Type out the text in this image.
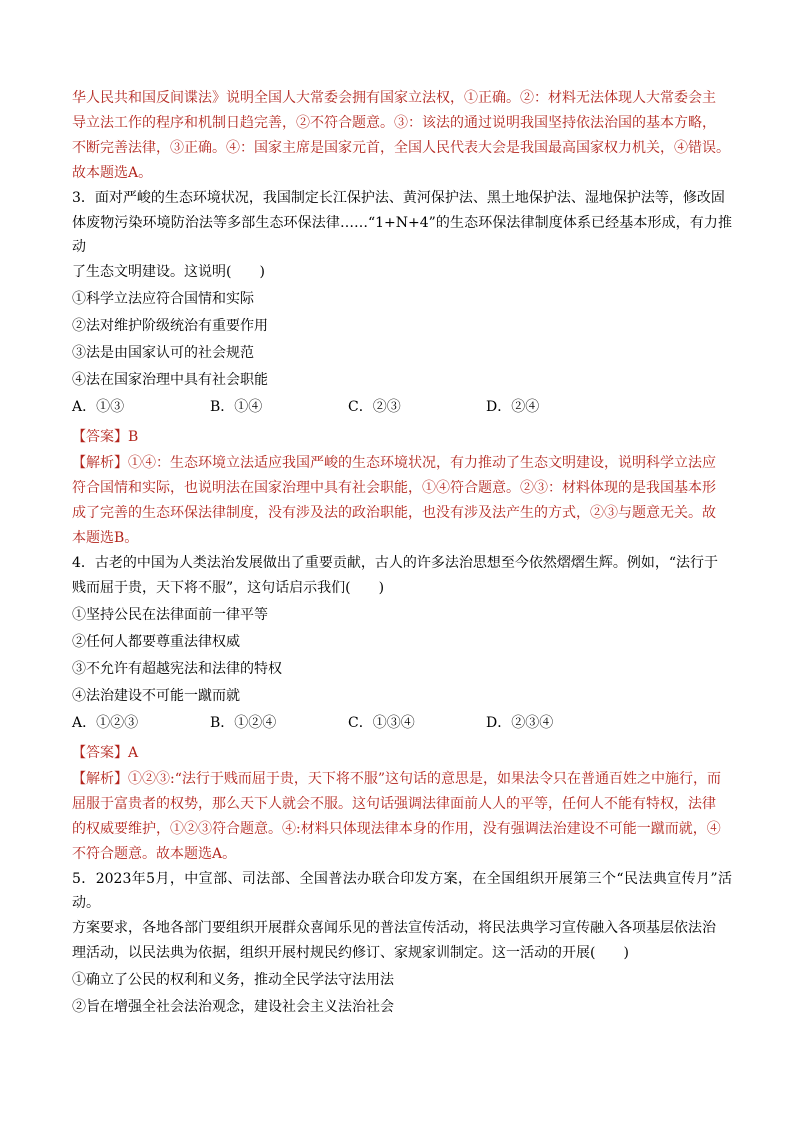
华人民共和国反间谍法》说明全国人大常委会拥有国家立法权，①正确。②：材料无法体现人大常委会主

导立法工作的程序和机制日趋完善，②不符合题意。③：该法的通过说明我国坚持依法治国的基本方略，

不断完善法律，③正确。④：国家主席是国家元首，全国人民代表大会是我国最高国家权力机关，④错误。

故本题选A。

3．面对严峻的生态环境状况，我国制定长江保护法、黄河保护法、黑土地保护法、湿地保护法等，修改固

体废物污染环境防治法等多部生态环保法律……“1+N+4”的生态环保法律制度体系已经基本形成，有力推动

了生态文明建设。这说明(　　)

①科学立法应符合国情和实际

②法对维护阶级统治有重要作用

③法是由国家认可的社会规范

④法在国家治理中具有社会职能

A．①③	B．①④	C．②③	D．②④

【答案】B

【解析】①④：生态环境立法适应我国严峻的生态环境状况，有力推动了生态文明建设，说明科学立法应

符合国情和实际，也说明法在国家治理中具有社会职能，①④符合题意。②③：材料体现的是我国基本形

成了完善的生态环保法律制度，没有涉及法的政治职能，也没有涉及法产生的方式，②③与题意无关。故

本题选B。

4．古老的中国为人类法治发展做出了重要贡献，古人的许多法治思想至今依然熠熠生辉。例如，“法行于

贱而屈于贵，天下将不服”，这句话启示我们(　　)

①坚持公民在法律面前一律平等

②任何人都要尊重法律权威

③不允许有超越宪法和法律的特权

④法治建设不可能一蹴而就

A．①②③	B．①②④	C．①③④	D．②③④

【答案】A

【解析】①②③:“法行于贱而屈于贵，天下将不服”这句话的意思是，如果法令只在普通百姓之中施行，而

屈服于富贵者的权势，那么天下人就会不服。这句话强调法律面前人人的平等，任何人不能有特权，法律

的权威要维护，①②③符合题意。④:材料只体现法律本身的作用，没有强调法治建设不可能一蹴而就，④

不符合题意。故本题选A。

5．2023年5月，中宣部、司法部、全国普法办联合印发方案，在全国组织开展第三个“民法典宣传月”活动。

方案要求，各地各部门要组织开展群众喜闻乐见的普法宣传活动，将民法典学习宣传融入各项基层依法治

理活动，以民法典为依据，组织开展村规民约修订、家规家训制定。这一活动的开展(　　)

①确立了公民的权利和义务，推动全民学法守法用法

②旨在增强全社会法治观念，建设社会主义法治社会
